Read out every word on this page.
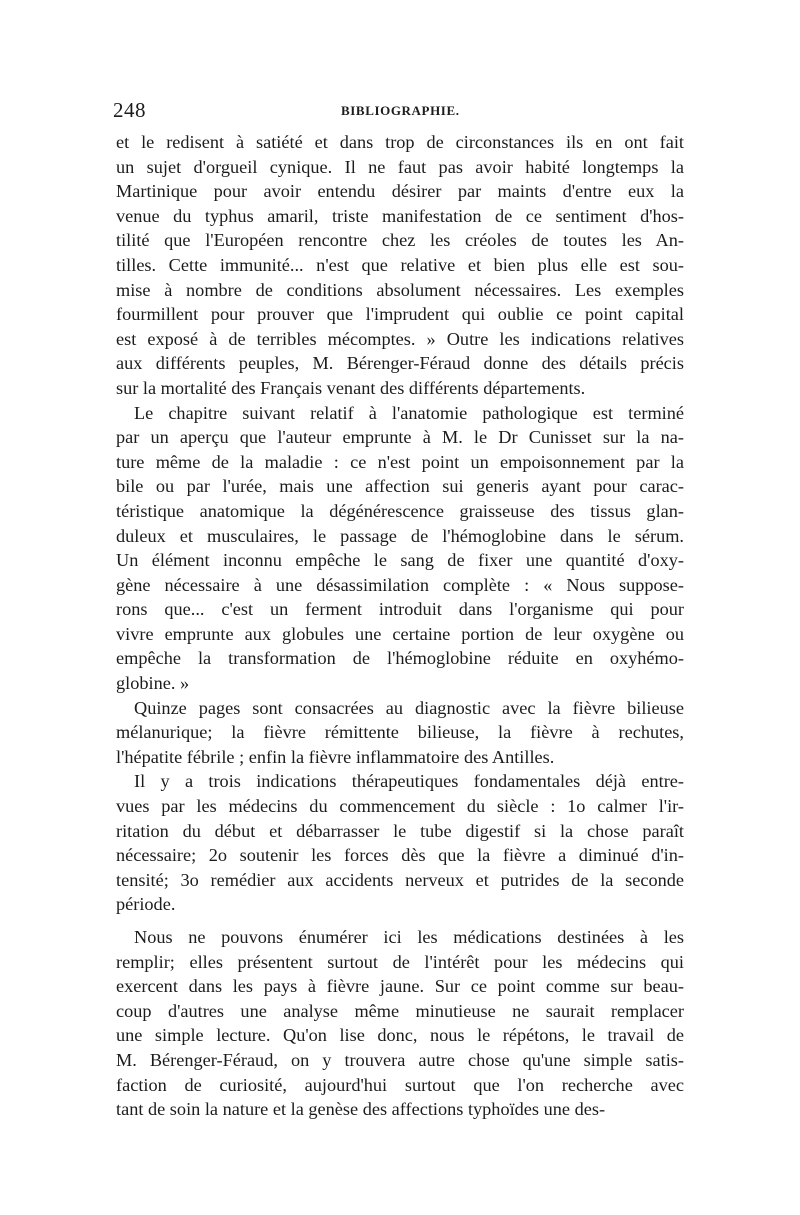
248	BIBLIOGRAPHIE.
et le redisent à satiété et dans trop de circonstances ils en ont fait
un sujet d'orgueil cynique. Il ne faut pas avoir habité longtemps la
Martinique pour avoir entendu désirer par maints d'entre eux la
venue du typhus amaril, triste manifestation de ce sentiment d'hos-
tilité que l'Européen rencontre chez les créoles de toutes les An-
tilles. Cette immunité... n'est que relative et bien plus elle est sou-
mise à nombre de conditions absolument nécessaires. Les exemples
fourmillent pour prouver que l'imprudent qui oublie ce point capital
est exposé à de terribles mécomptes. » Outre les indications relatives
aux différents peuples, M. Bérenger-Féraud donne des détails précis
sur la mortalité des Français venant des différents départements.
Le chapitre suivant relatif à l'anatomie pathologique est terminé
par un aperçu que l'auteur emprunte à M. le Dr Cunisset sur la na-
ture même de la maladie : ce n'est point un empoisonnement par la
bile ou par l'urée, mais une affection sui generis ayant pour carac-
téristique anatomique la dégénérescence graisseuse des tissus glan-
duleux et musculaires, le passage de l'hémoglobine dans le sérum.
Un élément inconnu empêche le sang de fixer une quantité d'oxy-
gène nécessaire à une désassimilation complète : « Nous suppose-
rons que... c'est un ferment introduit dans l'organisme qui pour
vivre emprunte aux globules une certaine portion de leur oxygène ou
empêche la transformation de l'hémoglobine réduite en oxyhémo-
globine. »
Quinze pages sont consacrées au diagnostic avec la fièvre bilieuse
mélanurique; la fièvre rémittente bilieuse, la fièvre à rechutes,
l'hépatite fébrile ; enfin la fièvre inflammatoire des Antilles.
Il y a trois indications thérapeutiques fondamentales déjà entre-
vues par les médecins du commencement du siècle : 1o calmer l'ir-
ritation du début et débarrasser le tube digestif si la chose paraît
nécessaire; 2o soutenir les forces dès que la fièvre a diminué d'in-
tensité; 3o remédier aux accidents nerveux et putrides de la seconde
période.
Nous ne pouvons énumérer ici les médications destinées à les
remplir; elles présentent surtout de l'intérêt pour les médecins qui
exercent dans les pays à fièvre jaune. Sur ce point comme sur beau-
coup d'autres une analyse même minutieuse ne saurait remplacer
une simple lecture. Qu'on lise donc, nous le répétons, le travail de
M. Bérenger-Féraud, on y trouvera autre chose qu'une simple satis-
faction de curiosité, aujourd'hui surtout que l'on recherche avec
tant de soin la nature et la genèse des affections typhoïdes une des-
